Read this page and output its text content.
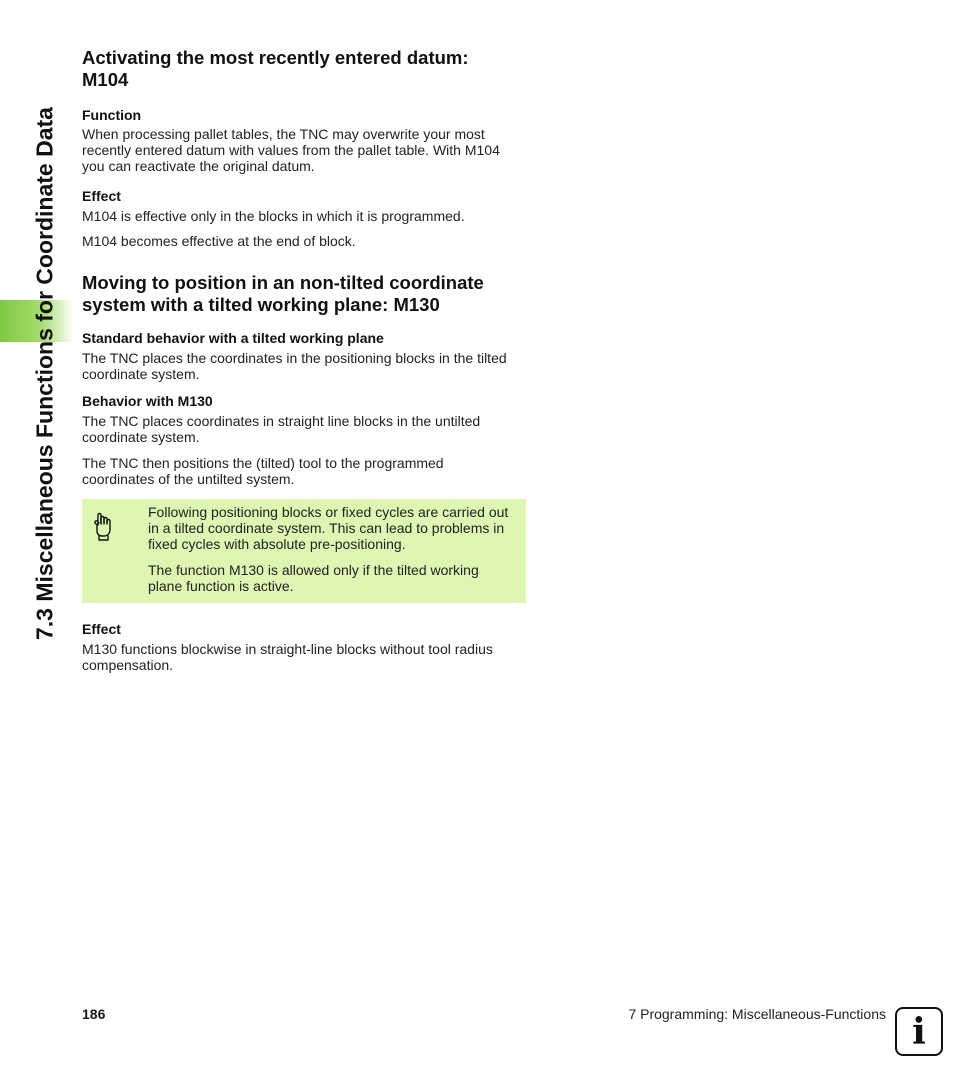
7.3 Miscellaneous Functions for Coordinate Data
Activating the most recently entered datum: M104
Function

When processing pallet tables, the TNC may overwrite your most recently entered datum with values from the pallet table. With M104 you can reactivate the original datum.

Effect

M104 is effective only in the blocks in which it is programmed.

M104 becomes effective at the end of block.

Moving to position in an non-tilted coordinate system with a tilted working plane: M130
Standard behavior with a tilted working plane

The TNC places the coordinates in the positioning blocks in the tilted coordinate system.

Behavior with M130

The TNC places coordinates in straight line blocks in the untilted coordinate system.

The TNC then positions the (tilted) tool to the programmed coordinates of the untilted system.

Following positioning blocks or fixed cycles are carried out in a tilted coordinate system. This can lead to problems in fixed cycles with absolute pre-positioning.

The function M130 is allowed only if the tilted working plane function is active.

Effect

M130 functions blockwise in straight-line blocks without tool radius compensation.

186	7 Programming: Miscellaneous-Functions i
